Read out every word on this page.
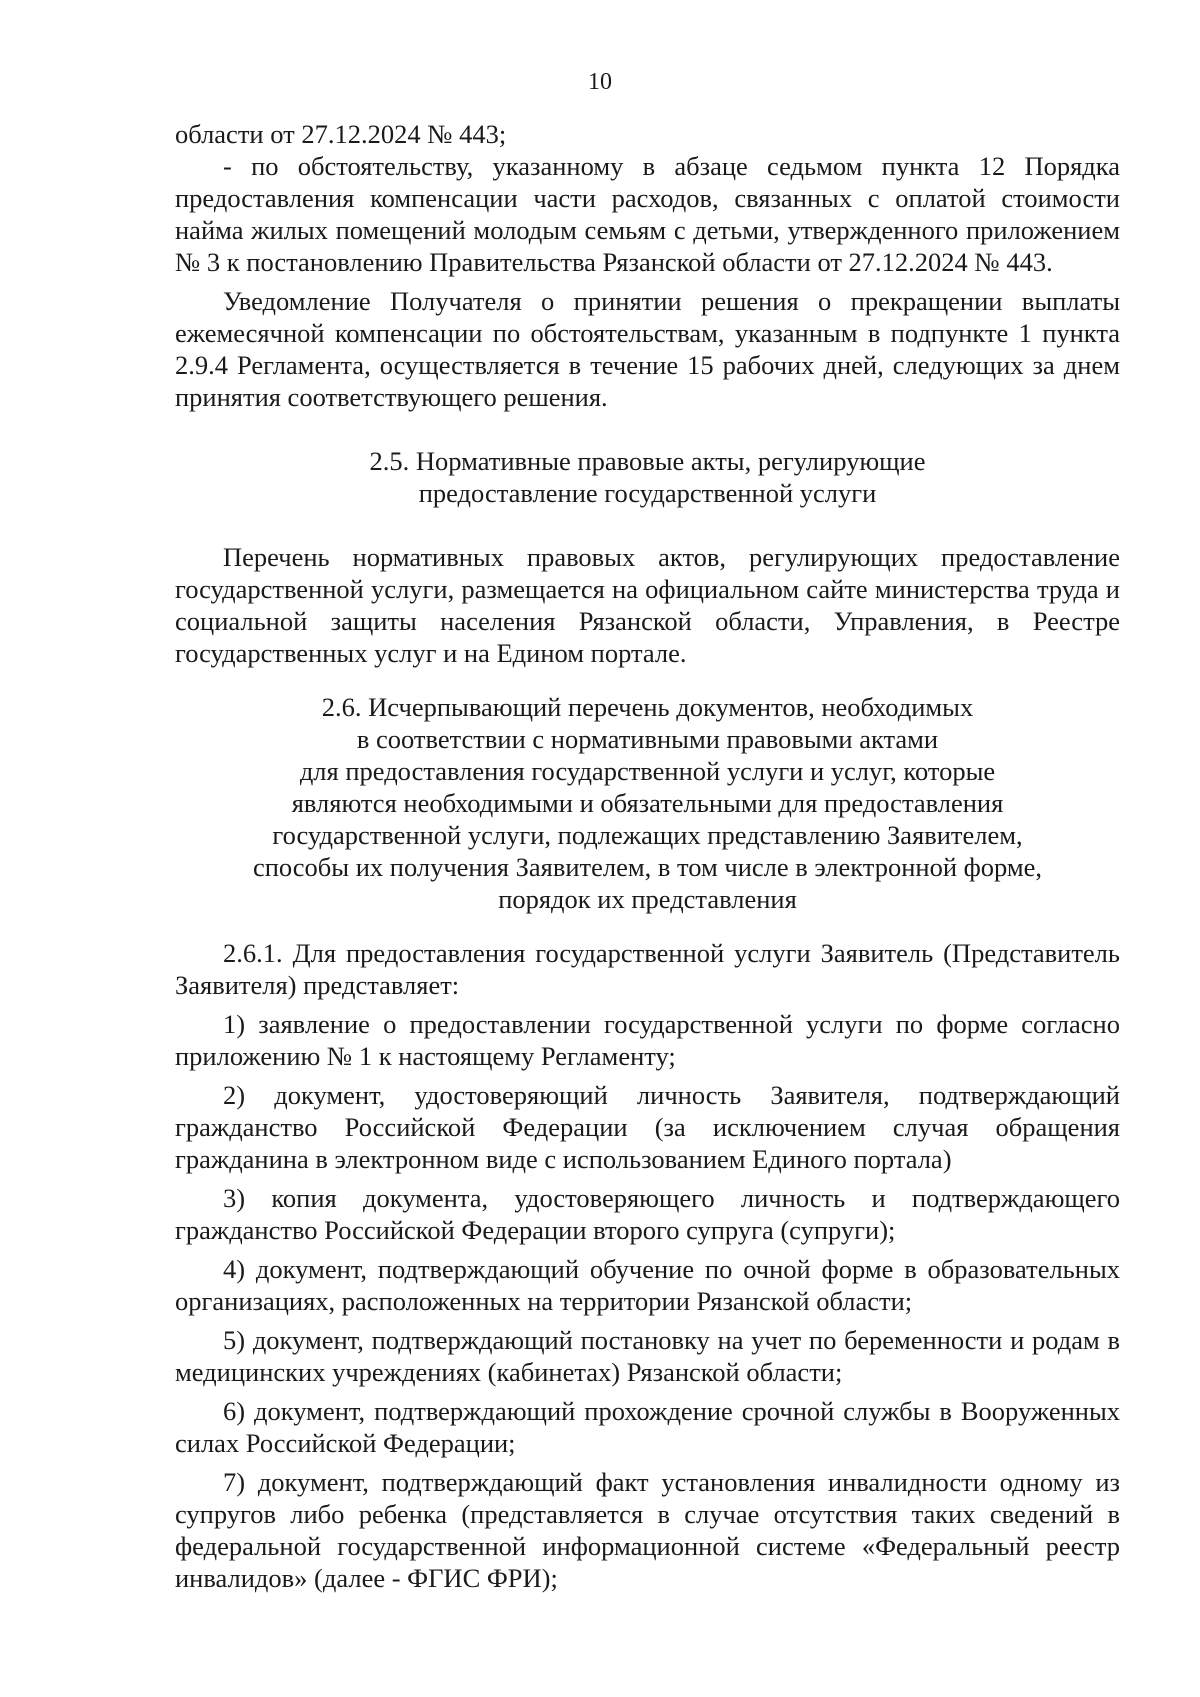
10

области от 27.12.2024 № 443;

- по обстоятельству, указанному в абзаце седьмом пункта 12 Порядка предоставления компенсации части расходов, связанных с оплатой стоимости найма жилых помещений молодым семьям с детьми, утвержденного приложением № 3 к постановлению Правительства Рязанской области от 27.12.2024 № 443.

Уведомление Получателя о принятии решения о прекращении выплаты ежемесячной компенсации по обстоятельствам, указанным в подпункте 1 пункта 2.9.4 Регламента, осуществляется в течение 15 рабочих дней, следующих за днем принятия соответствующего решения.

2.5. Нормативные правовые акты, регулирующие

предоставление государственной услуги

Перечень нормативных правовых актов, регулирующих предоставление государственной услуги, размещается на официальном сайте министерства труда и социальной защиты населения Рязанской области, Управления, в Реестре государственных услуг и на Едином портале.

2.6. Исчерпывающий перечень документов, необходимых

в соответствии с нормативными правовыми актами

для предоставления государственной услуги и услуг, которые

являются необходимыми и обязательными для предоставления

государственной услуги, подлежащих представлению Заявителем,

способы их получения Заявителем, в том числе в электронной форме,

порядок их представления

2.6.1. Для предоставления государственной услуги Заявитель (Представитель Заявителя) представляет:

1) заявление о предоставлении государственной услуги по форме согласно приложению № 1 к настоящему Регламенту;

2) документ, удостоверяющий личность Заявителя, подтверждающий гражданство Российской Федерации (за исключением случая обращения гражданина в электронном виде с использованием Единого портала)

3) копия документа, удостоверяющего личность и подтверждающего гражданство Российской Федерации второго супруга (супруги);

4) документ, подтверждающий обучение по очной форме в образовательных организациях, расположенных на территории Рязанской области;

5) документ, подтверждающий постановку на учет по беременности и родам в медицинских учреждениях (кабинетах) Рязанской области;

6) документ, подтверждающий прохождение срочной службы в Вооруженных силах Российской Федерации;

7) документ, подтверждающий факт установления инвалидности одному из супругов либо ребенка (представляется в случае отсутствия таких сведений в федеральной государственной информационной системе «Федеральный реестр инвалидов» (далее - ФГИС ФРИ);
